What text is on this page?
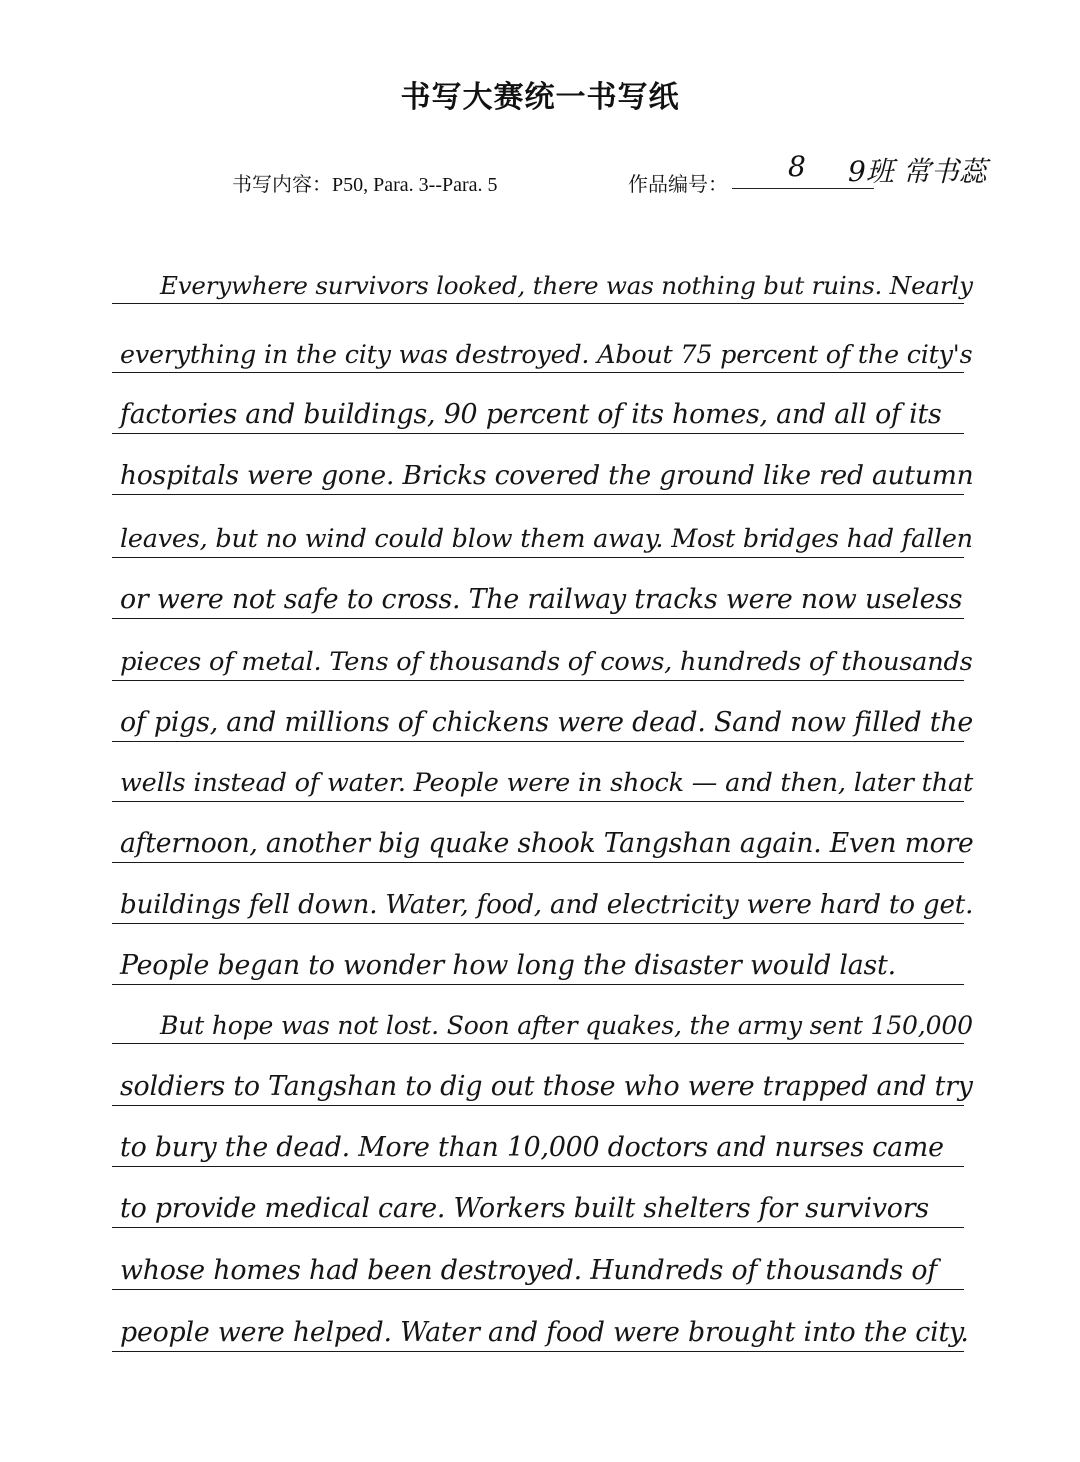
书写大赛统一书写纸
书写内容：P50, Para. 3--Para. 5	作品编号：
8 9班 常书蕊
Everywhere survivors looked, there was nothing but ruins. Nearly
everything in the city was destroyed. About 75 percent of the city's
factories and buildings, 90 percent of its homes, and all of its
hospitals were gone. Bricks covered the ground like red autumn
leaves, but no wind could blow them away. Most bridges had fallen
or were not safe to cross. The railway tracks were now useless
pieces of metal. Tens of thousands of cows, hundreds of thousands
of pigs, and millions of chickens were dead. Sand now filled the
wells instead of water. People were in shock — and then, later that
afternoon, another big quake shook Tangshan again. Even more
buildings fell down. Water, food, and electricity were hard to get.
People began to wonder how long the disaster would last.
But hope was not lost. Soon after quakes, the army sent 150,000
soldiers to Tangshan to dig out those who were trapped and try
to bury the dead. More than 10,000 doctors and nurses came
to provide medical care. Workers built shelters for survivors
whose homes had been destroyed. Hundreds of thousands of
people were helped. Water and food were brought into the city.
